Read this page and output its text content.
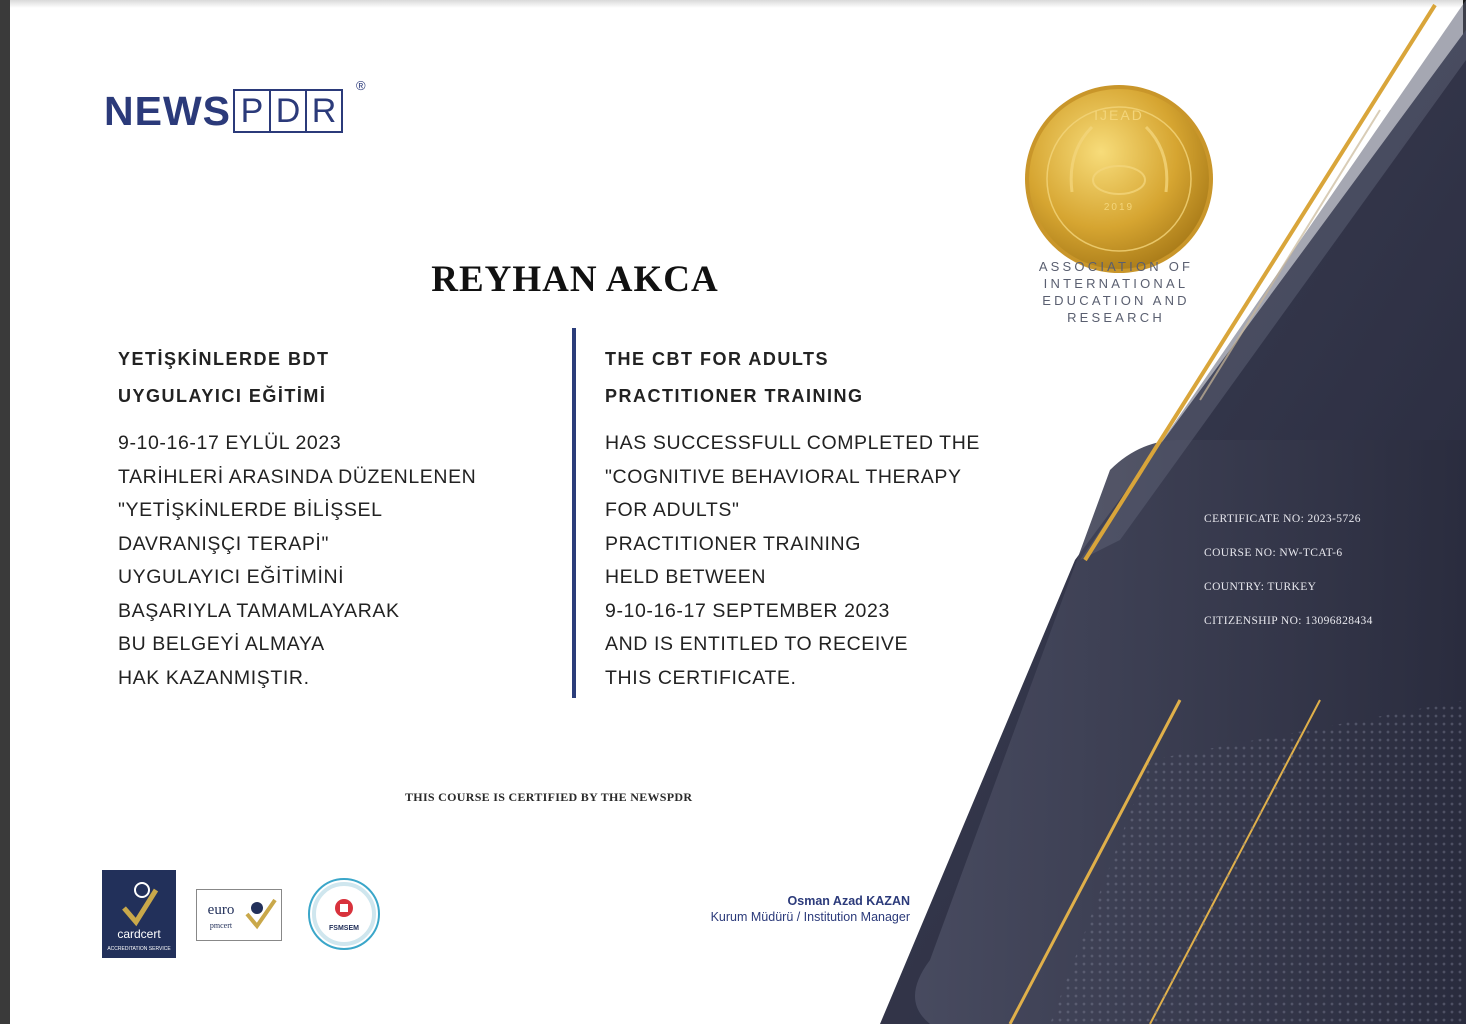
NEWS P D R
®
IJEAD
2019
ASSOCIATION OF
INTERNATIONAL
EDUCATION AND
RESEARCH
REYHAN AKCA
YETİŞKİNLERDE BDT
UYGULAYICI EĞİTİMİ
9-10-16-17 EYLÜL 2023
TARİHLERİ ARASINDA DÜZENLENEN
"YETİŞKİNLERDE BİLİŞSEL
DAVRANIŞÇI TERAPİ"
UYGULAYICI EĞİTİMİNİ
BAŞARIYLA TAMAMLAYARAK
BU BELGEYİ ALMAYA
HAK KAZANMIŞTIR.
THE CBT FOR ADULTS
PRACTITIONER TRAINING
HAS SUCCESSFULL COMPLETED THE
"COGNITIVE BEHAVIORAL THERAPY
FOR ADULTS"
PRACTITIONER TRAINING
HELD BETWEEN
9-10-16-17 SEPTEMBER 2023
AND IS ENTITLED TO RECEIVE
THIS CERTIFICATE.
CERTIFICATE NO: 2023-5726
COURSE NO: NW-TCAT-6
COUNTRY: TURKEY
CITIZENSHIP NO: 13096828434
THIS COURSE IS CERTIFIED BY THE NEWSPDR
Osman Azad KAZAN
Kurum Müdürü / Institution Manager
cardcert
ACCREDITATION SERVICE
euro
pmcert	FSMSEM
